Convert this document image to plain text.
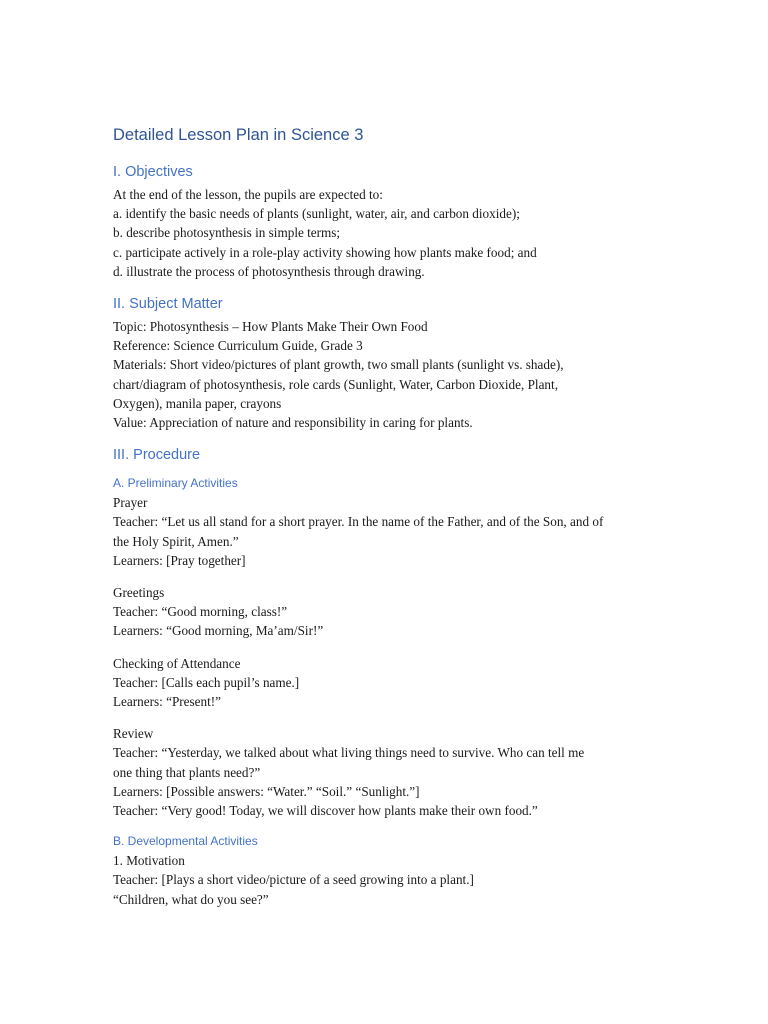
Detailed Lesson Plan in Science 3
I. Objectives
At the end of the lesson, the pupils are expected to:
a. identify the basic needs of plants (sunlight, water, air, and carbon dioxide);
b. describe photosynthesis in simple terms;
c. participate actively in a role-play activity showing how plants make food; and
d. illustrate the process of photosynthesis through drawing.
II. Subject Matter
Topic: Photosynthesis – How Plants Make Their Own Food
Reference: Science Curriculum Guide, Grade 3
Materials: Short video/pictures of plant growth, two small plants (sunlight vs. shade),
chart/diagram of photosynthesis, role cards (Sunlight, Water, Carbon Dioxide, Plant,
Oxygen), manila paper, crayons
Value: Appreciation of nature and responsibility in caring for plants.
III. Procedure
A. Preliminary Activities
Prayer
Teacher: “Let us all stand for a short prayer. In the name of the Father, and of the Son, and of
the Holy Spirit, Amen.”
Learners: [Pray together]
Greetings
Teacher: “Good morning, class!”
Learners: “Good morning, Ma’am/Sir!”
Checking of Attendance
Teacher: [Calls each pupil’s name.]
Learners: “Present!”
Review
Teacher: “Yesterday, we talked about what living things need to survive. Who can tell me
one thing that plants need?”
Learners: [Possible answers: “Water.” “Soil.” “Sunlight.”]
Teacher: “Very good! Today, we will discover how plants make their own food.”
B. Developmental Activities
1. Motivation
Teacher: [Plays a short video/picture of a seed growing into a plant.]
“Children, what do you see?”
